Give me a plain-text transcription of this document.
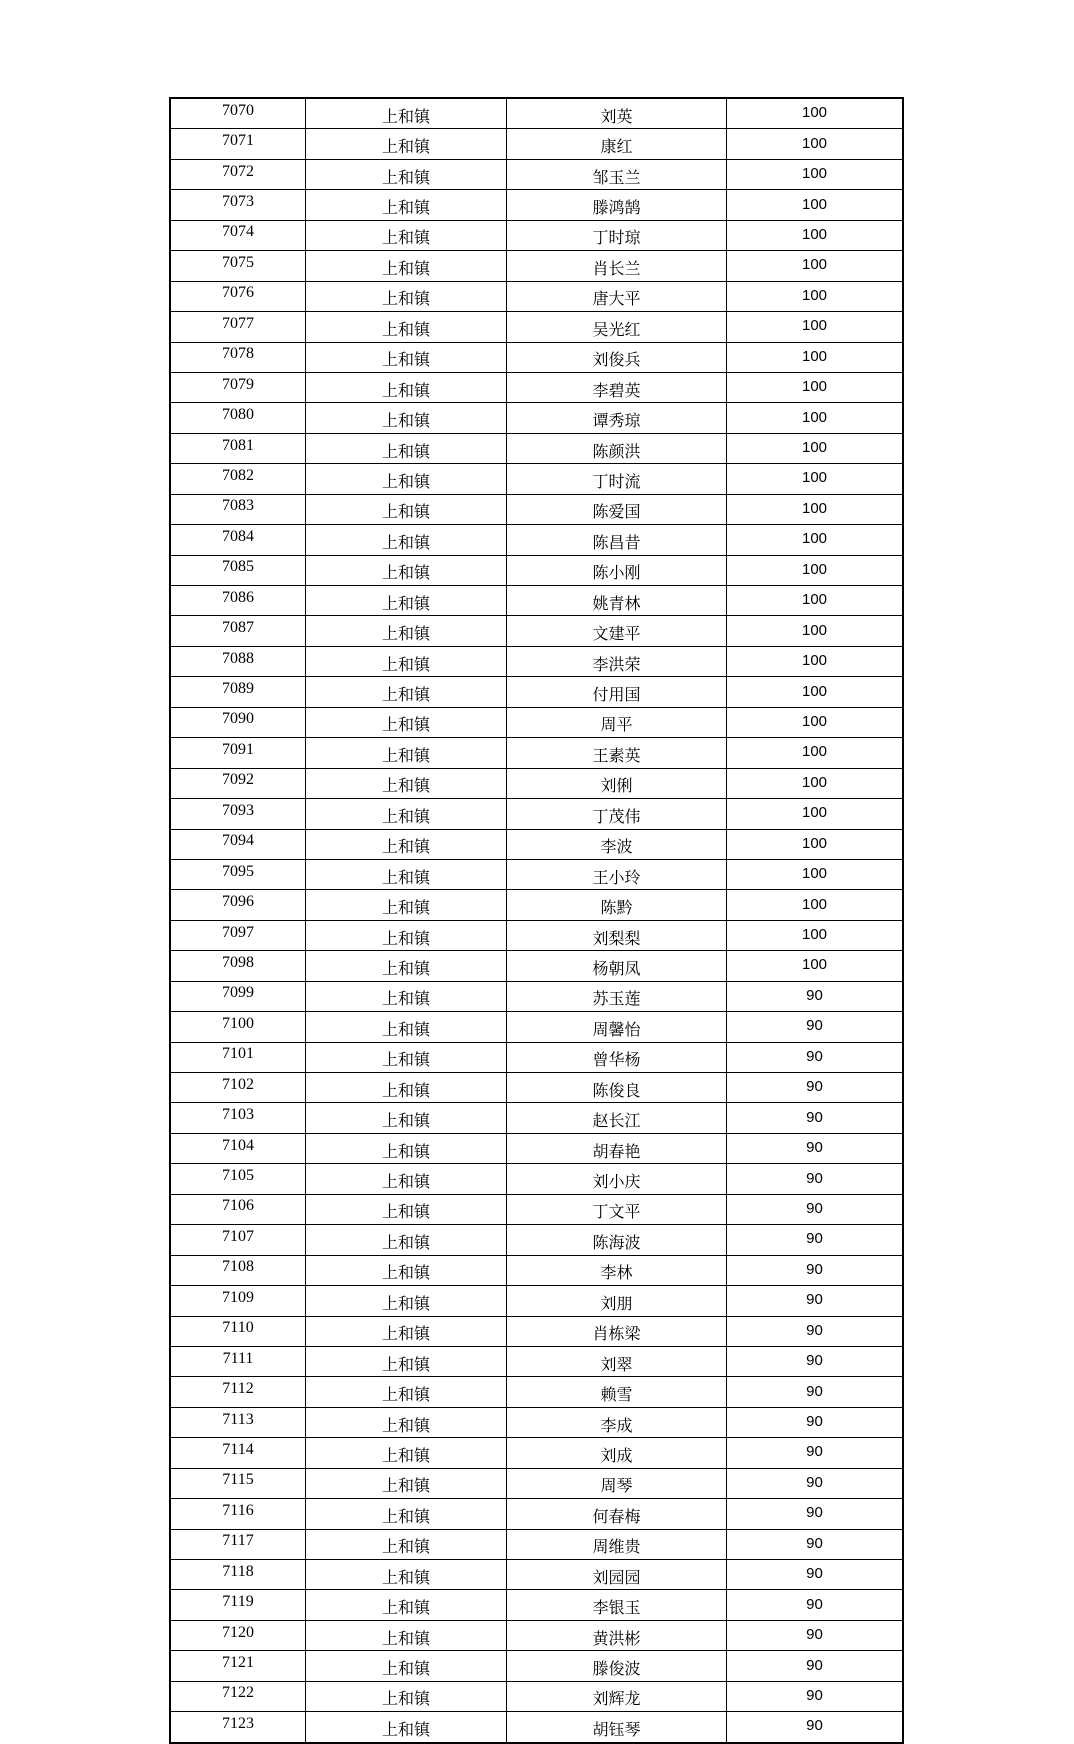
7070	上和镇	刘英	100
7071	上和镇	康红	100
7072	上和镇	邹玉兰	100
7073	上和镇	滕鸿鹄	100
7074	上和镇	丁时琼	100
7075	上和镇	肖长兰	100
7076	上和镇	唐大平	100
7077	上和镇	吴光红	100
7078	上和镇	刘俊兵	100
7079	上和镇	李碧英	100
7080	上和镇	谭秀琼	100
7081	上和镇	陈颜洪	100
7082	上和镇	丁时流	100
7083	上和镇	陈爱国	100
7084	上和镇	陈昌昔	100
7085	上和镇	陈小刚	100
7086	上和镇	姚青林	100
7087	上和镇	文建平	100
7088	上和镇	李洪荣	100
7089	上和镇	付用国	100
7090	上和镇	周平	100
7091	上和镇	王素英	100
7092	上和镇	刘俐	100
7093	上和镇	丁茂伟	100
7094	上和镇	李波	100
7095	上和镇	王小玲	100
7096	上和镇	陈黔	100
7097	上和镇	刘梨梨	100
7098	上和镇	杨朝凤	100
7099	上和镇	苏玉莲	90
7100	上和镇	周馨怡	90
7101	上和镇	曾华杨	90
7102	上和镇	陈俊良	90
7103	上和镇	赵长江	90
7104	上和镇	胡春艳	90
7105	上和镇	刘小庆	90
7106	上和镇	丁文平	90
7107	上和镇	陈海波	90
7108	上和镇	李林	90
7109	上和镇	刘朋	90
7110	上和镇	肖栋梁	90
7111	上和镇	刘翠	90
7112	上和镇	赖雪	90
7113	上和镇	李成	90
7114	上和镇	刘成	90
7115	上和镇	周琴	90
7116	上和镇	何春梅	90
7117	上和镇	周维贵	90
7118	上和镇	刘园园	90
7119	上和镇	李银玉	90
7120	上和镇	黄洪彬	90
7121	上和镇	滕俊波	90
7122	上和镇	刘辉龙	90
7123	上和镇	胡钰琴	90
